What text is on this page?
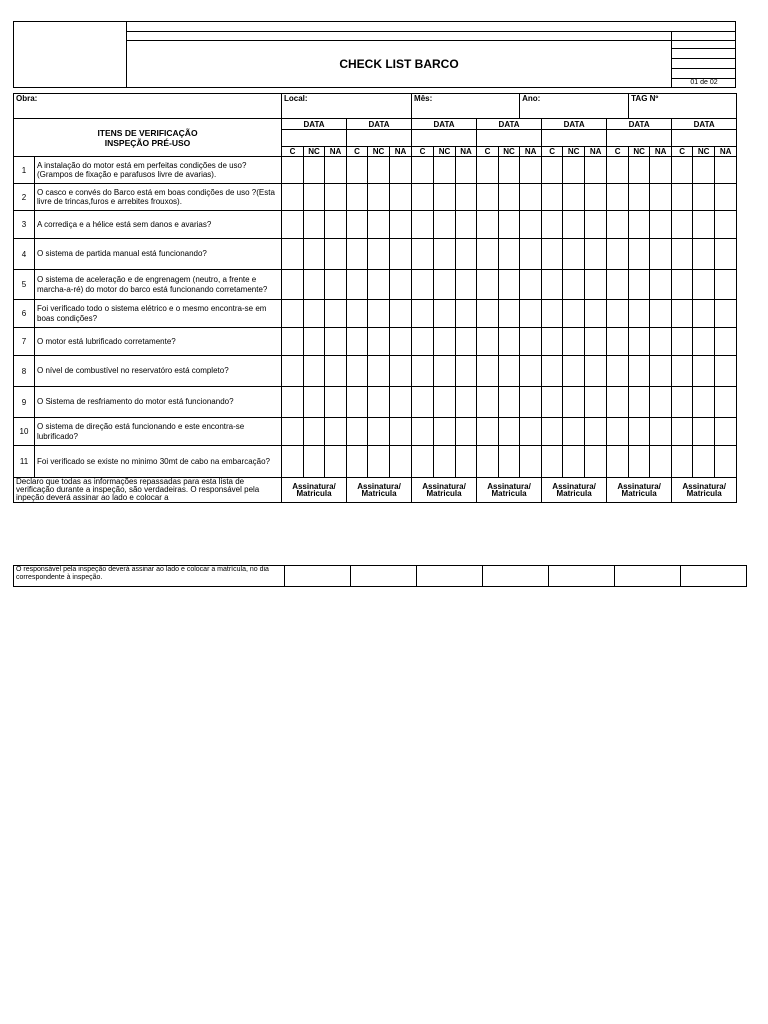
CHECK LIST BARCO
01 de 02
Obra:		Local:						Mês:					Ano:					TAG Nº				

ITENS DE VERIFICAÇÃO
INSPEÇÃO PRÉ-USO		DATA			DATA			DATA			DATA			DATA			DATA			DATA		

		C	NC	NA	C	NC	NA	C	NC	NA	C	NC	NA	C	NC	NA	C	NC	NA	C	NC	NA
1	A instalação do motor está em perfeitas condições de uso? (Grampos de fixação e parafusos livre de avarias).																					
2	O casco e convés do Barco está em boas condições de uso ?(Esta livre de trincas,furos e arrebites frouxos).																					
3	A corrediça e a hélice está sem danos e avarias?																					
4	O sistema de partida manual está funcionando?																					
5	O sistema de aceleração e de engrenagem (neutro, a frente e marcha-a-ré) do motor do barco está funcionando corretamente?																					
6	Foi verificado todo o sistema elétrico e o mesmo encontra-se em boas condições?																					
7	O motor está lubrificado corretamente?																					
8	O nível de combustível no reservatóro está completo?																					
9	O Sistema de resfriamento do motor está funcionando?																					
10	O sistema de direção está funcionando e este encontra-se lubrificado?																					
11	Foi verificado se existe no minimo 30mt de cabo na embarcação?																					
Declaro que todas as informações repassadas para esta lista de verificação durante a inspeção, são verdadeiras. O responsável pela inpeção deverá assinar ao lado e colocar a		Assinatura/ Matricula			Assinatura/ Matricula			Assinatura/ Matricula			Assinatura/ Matricula			Assinatura/ Matricula			Assinatura/ Matricula			Assinatura/ Matricula		
O responsável pela inspeção deverá assinar ao lado e colocar a matrícula, no dia correspondente à inspeção.							
